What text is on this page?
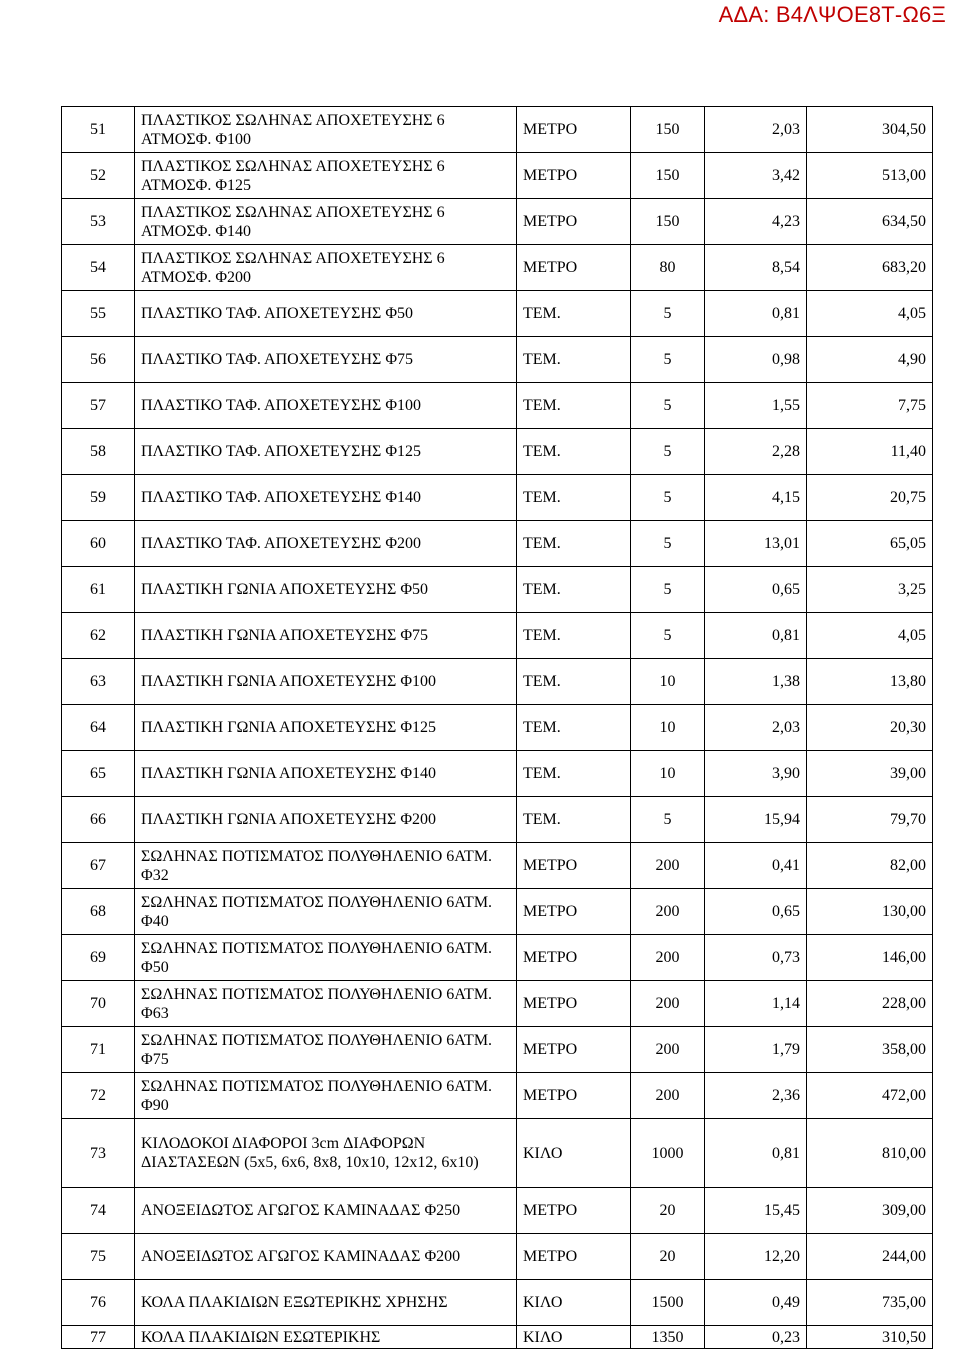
ΑΔΑ: Β4ΛΨΟΕ8Τ-Ω6Ξ
51	ΠΛΑΣΤΙΚΟΣ ΣΩΛΗΝΑΣ ΑΠΟΧΕΤΕΥΣΗΣ 6 ΑΤΜΟΣΦ. Φ100	ΜΕΤΡΟ	150	2,03	304,50
52	ΠΛΑΣΤΙΚΟΣ ΣΩΛΗΝΑΣ ΑΠΟΧΕΤΕΥΣΗΣ 6 ΑΤΜΟΣΦ. Φ125	ΜΕΤΡΟ	150	3,42	513,00
53	ΠΛΑΣΤΙΚΟΣ ΣΩΛΗΝΑΣ ΑΠΟΧΕΤΕΥΣΗΣ 6 ΑΤΜΟΣΦ. Φ140	ΜΕΤΡΟ	150	4,23	634,50
54	ΠΛΑΣΤΙΚΟΣ ΣΩΛΗΝΑΣ ΑΠΟΧΕΤΕΥΣΗΣ 6 ΑΤΜΟΣΦ. Φ200	ΜΕΤΡΟ	80	8,54	683,20
55	ΠΛΑΣΤΙΚΟ ΤΑΦ. ΑΠΟΧΕΤΕΥΣΗΣ Φ50	ΤΕΜ.	5	0,81	4,05
56	ΠΛΑΣΤΙΚΟ ΤΑΦ. ΑΠΟΧΕΤΕΥΣΗΣ Φ75	ΤΕΜ.	5	0,98	4,90
57	ΠΛΑΣΤΙΚΟ ΤΑΦ. ΑΠΟΧΕΤΕΥΣΗΣ Φ100	ΤΕΜ.	5	1,55	7,75
58	ΠΛΑΣΤΙΚΟ ΤΑΦ. ΑΠΟΧΕΤΕΥΣΗΣ Φ125	ΤΕΜ.	5	2,28	11,40
59	ΠΛΑΣΤΙΚΟ ΤΑΦ. ΑΠΟΧΕΤΕΥΣΗΣ Φ140	ΤΕΜ.	5	4,15	20,75
60	ΠΛΑΣΤΙΚΟ ΤΑΦ. ΑΠΟΧΕΤΕΥΣΗΣ Φ200	ΤΕΜ.	5	13,01	65,05
61	ΠΛΑΣΤΙΚΗ ΓΩΝΙΑ ΑΠΟΧΕΤΕΥΣΗΣ Φ50	ΤΕΜ.	5	0,65	3,25
62	ΠΛΑΣΤΙΚΗ ΓΩΝΙΑ ΑΠΟΧΕΤΕΥΣΗΣ Φ75	ΤΕΜ.	5	0,81	4,05
63	ΠΛΑΣΤΙΚΗ ΓΩΝΙΑ ΑΠΟΧΕΤΕΥΣΗΣ Φ100	ΤΕΜ.	10	1,38	13,80
64	ΠΛΑΣΤΙΚΗ ΓΩΝΙΑ ΑΠΟΧΕΤΕΥΣΗΣ Φ125	ΤΕΜ.	10	2,03	20,30
65	ΠΛΑΣΤΙΚΗ ΓΩΝΙΑ ΑΠΟΧΕΤΕΥΣΗΣ Φ140	ΤΕΜ.	10	3,90	39,00
66	ΠΛΑΣΤΙΚΗ ΓΩΝΙΑ ΑΠΟΧΕΤΕΥΣΗΣ Φ200	ΤΕΜ.	5	15,94	79,70
67	ΣΩΛΗΝΑΣ ΠΟΤΙΣΜΑΤΟΣ ΠΟΛΥΘΗΛΕΝΙΟ 6ΑΤΜ. Φ32	ΜΕΤΡΟ	200	0,41	82,00
68	ΣΩΛΗΝΑΣ ΠΟΤΙΣΜΑΤΟΣ ΠΟΛΥΘΗΛΕΝΙΟ 6ΑΤΜ. Φ40	ΜΕΤΡΟ	200	0,65	130,00
69	ΣΩΛΗΝΑΣ ΠΟΤΙΣΜΑΤΟΣ ΠΟΛΥΘΗΛΕΝΙΟ 6ΑΤΜ. Φ50	ΜΕΤΡΟ	200	0,73	146,00
70	ΣΩΛΗΝΑΣ ΠΟΤΙΣΜΑΤΟΣ ΠΟΛΥΘΗΛΕΝΙΟ 6ΑΤΜ. Φ63	ΜΕΤΡΟ	200	1,14	228,00
71	ΣΩΛΗΝΑΣ ΠΟΤΙΣΜΑΤΟΣ ΠΟΛΥΘΗΛΕΝΙΟ 6ΑΤΜ. Φ75	ΜΕΤΡΟ	200	1,79	358,00
72	ΣΩΛΗΝΑΣ ΠΟΤΙΣΜΑΤΟΣ ΠΟΛΥΘΗΛΕΝΙΟ 6ΑΤΜ. Φ90	ΜΕΤΡΟ	200	2,36	472,00
73	ΚΙΛΟΔΟΚΟΙ ΔΙΑΦΟΡΟΙ 3cm ΔΙΑΦΟΡΩΝ ΔΙΑΣΤΑΣΕΩΝ (5x5, 6x6, 8x8, 10x10, 12x12, 6x10)	ΚΙΛΟ	1000	0,81	810,00
74	ΑΝΟΞΕΙΔΩΤΟΣ ΑΓΩΓΟΣ ΚΑΜΙΝΑΔΑΣ Φ250	ΜΕΤΡΟ	20	15,45	309,00
75	ΑΝΟΞΕΙΔΩΤΟΣ ΑΓΩΓΟΣ ΚΑΜΙΝΑΔΑΣ Φ200	ΜΕΤΡΟ	20	12,20	244,00
76	ΚΟΛΑ ΠΛΑΚΙΔΙΩΝ ΕΞΩΤΕΡΙΚΗΣ ΧΡΗΣΗΣ	ΚΙΛΟ	1500	0,49	735,00
77	ΚΟΛΑ ΠΛΑΚΙΔΙΩΝ ΕΣΩΤΕΡΙΚΗΣ	ΚΙΛΟ	1350	0,23	310,50
